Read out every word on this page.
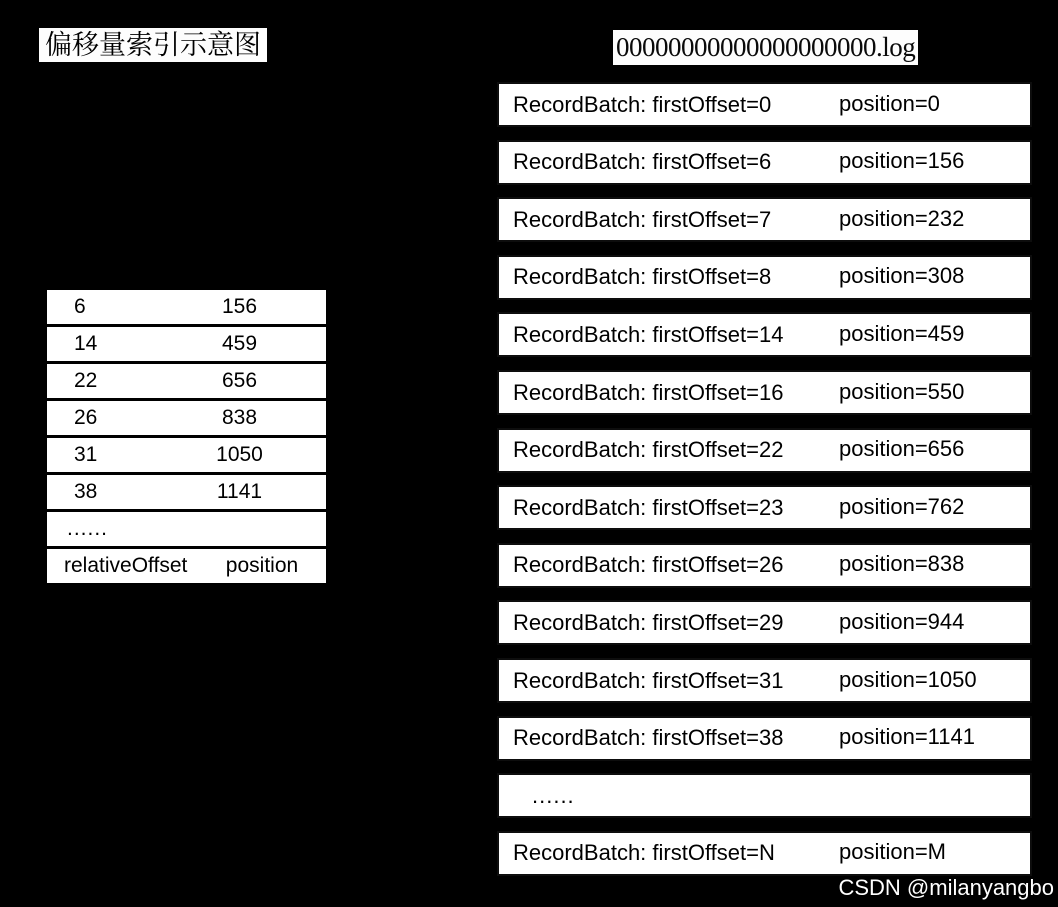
偏移量索引示意图	00000000000000000000.log
6	156
14	459
22	656
26	838
31	1050
38	1141
......
relativeOffset	position
RecordBatch: firstOffset=0	position=0
RecordBatch: firstOffset=6	position=156
RecordBatch: firstOffset=7	position=232
RecordBatch: firstOffset=8	position=308
RecordBatch: firstOffset=14	position=459
RecordBatch: firstOffset=16	position=550
RecordBatch: firstOffset=22	position=656
RecordBatch: firstOffset=23	position=762
RecordBatch: firstOffset=26	position=838
RecordBatch: firstOffset=29	position=944
RecordBatch: firstOffset=31	position=1050
RecordBatch: firstOffset=38	position=1141
......
RecordBatch: firstOffset=N	position=M
CSDN @milanyangbo
